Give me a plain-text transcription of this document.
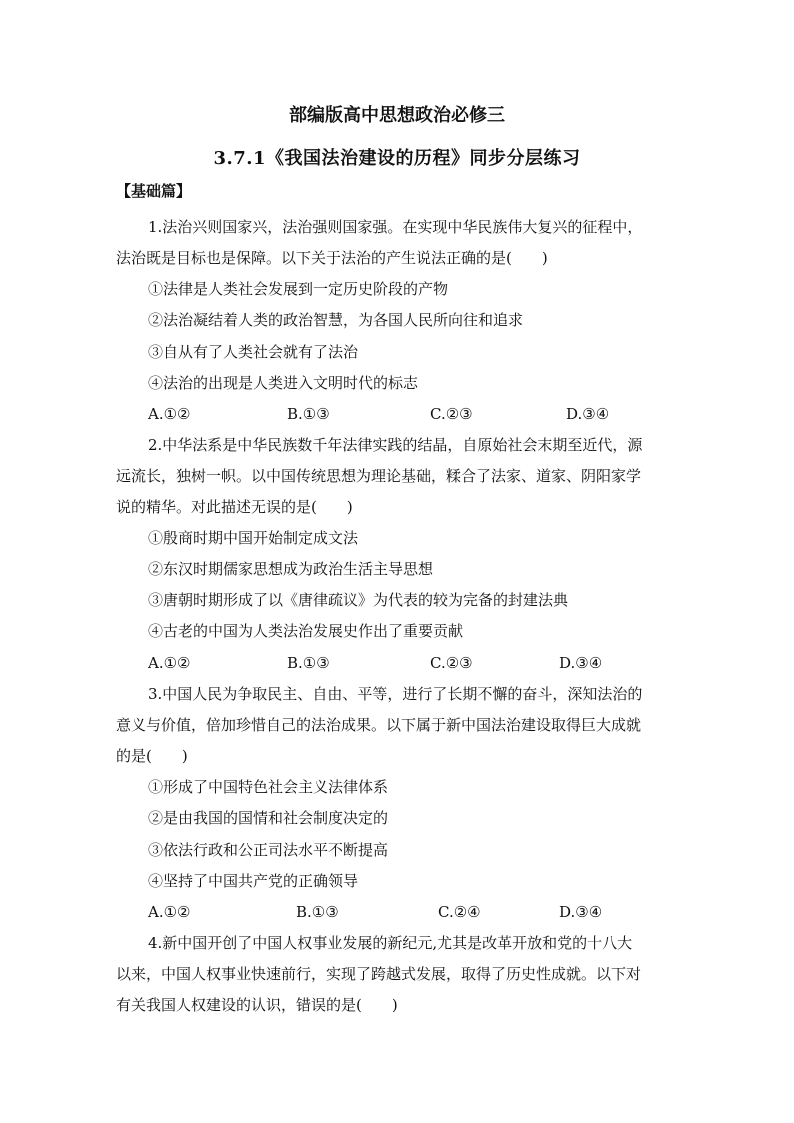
部编版高中思想政治必修三
3.7.1《我国法治建设的历程》同步分层练习
【基础篇】
1.法治兴则国家兴，法治强则国家强。在实现中华民族伟大复兴的征程中，
法治既是目标也是保障。以下关于法治的产生说法正确的是(　　)
①法律是人类社会发展到一定历史阶段的产物
②法治凝结着人类的政治智慧，为各国人民所向往和追求
③自从有了人类社会就有了法治
④法治的出现是人类进入文明时代的标志
A.①②	B.①③	C.②③	D.③④
2.中华法系是中华民族数千年法律实践的结晶，自原始社会末期至近代，源
远流长，独树一帜。以中国传统思想为理论基础，糅合了法家、道家、阴阳家学
说的精华。对此描述无误的是(　　)
①殷商时期中国开始制定成文法
②东汉时期儒家思想成为政治生活主导思想
③唐朝时期形成了以《唐律疏议》为代表的较为完备的封建法典
④古老的中国为人类法治发展史作出了重要贡献
A.①②	B.①③	C.②③	D.③④
3.中国人民为争取民主、自由、平等，进行了长期不懈的奋斗，深知法治的
意义与价值，倍加珍惜自己的法治成果。以下属于新中国法治建设取得巨大成就
的是(　　)
①形成了中国特色社会主义法律体系
②是由我国的国情和社会制度决定的
③依法行政和公正司法水平不断提高
④坚持了中国共产党的正确领导
A.①②	B.①③	C.②④	D.③④
4.新中国开创了中国人权事业发展的新纪元,尤其是改革开放和党的十八大
以来，中国人权事业快速前行，实现了跨越式发展，取得了历史性成就。以下对
有关我国人权建设的认识，错误的是(　　)
